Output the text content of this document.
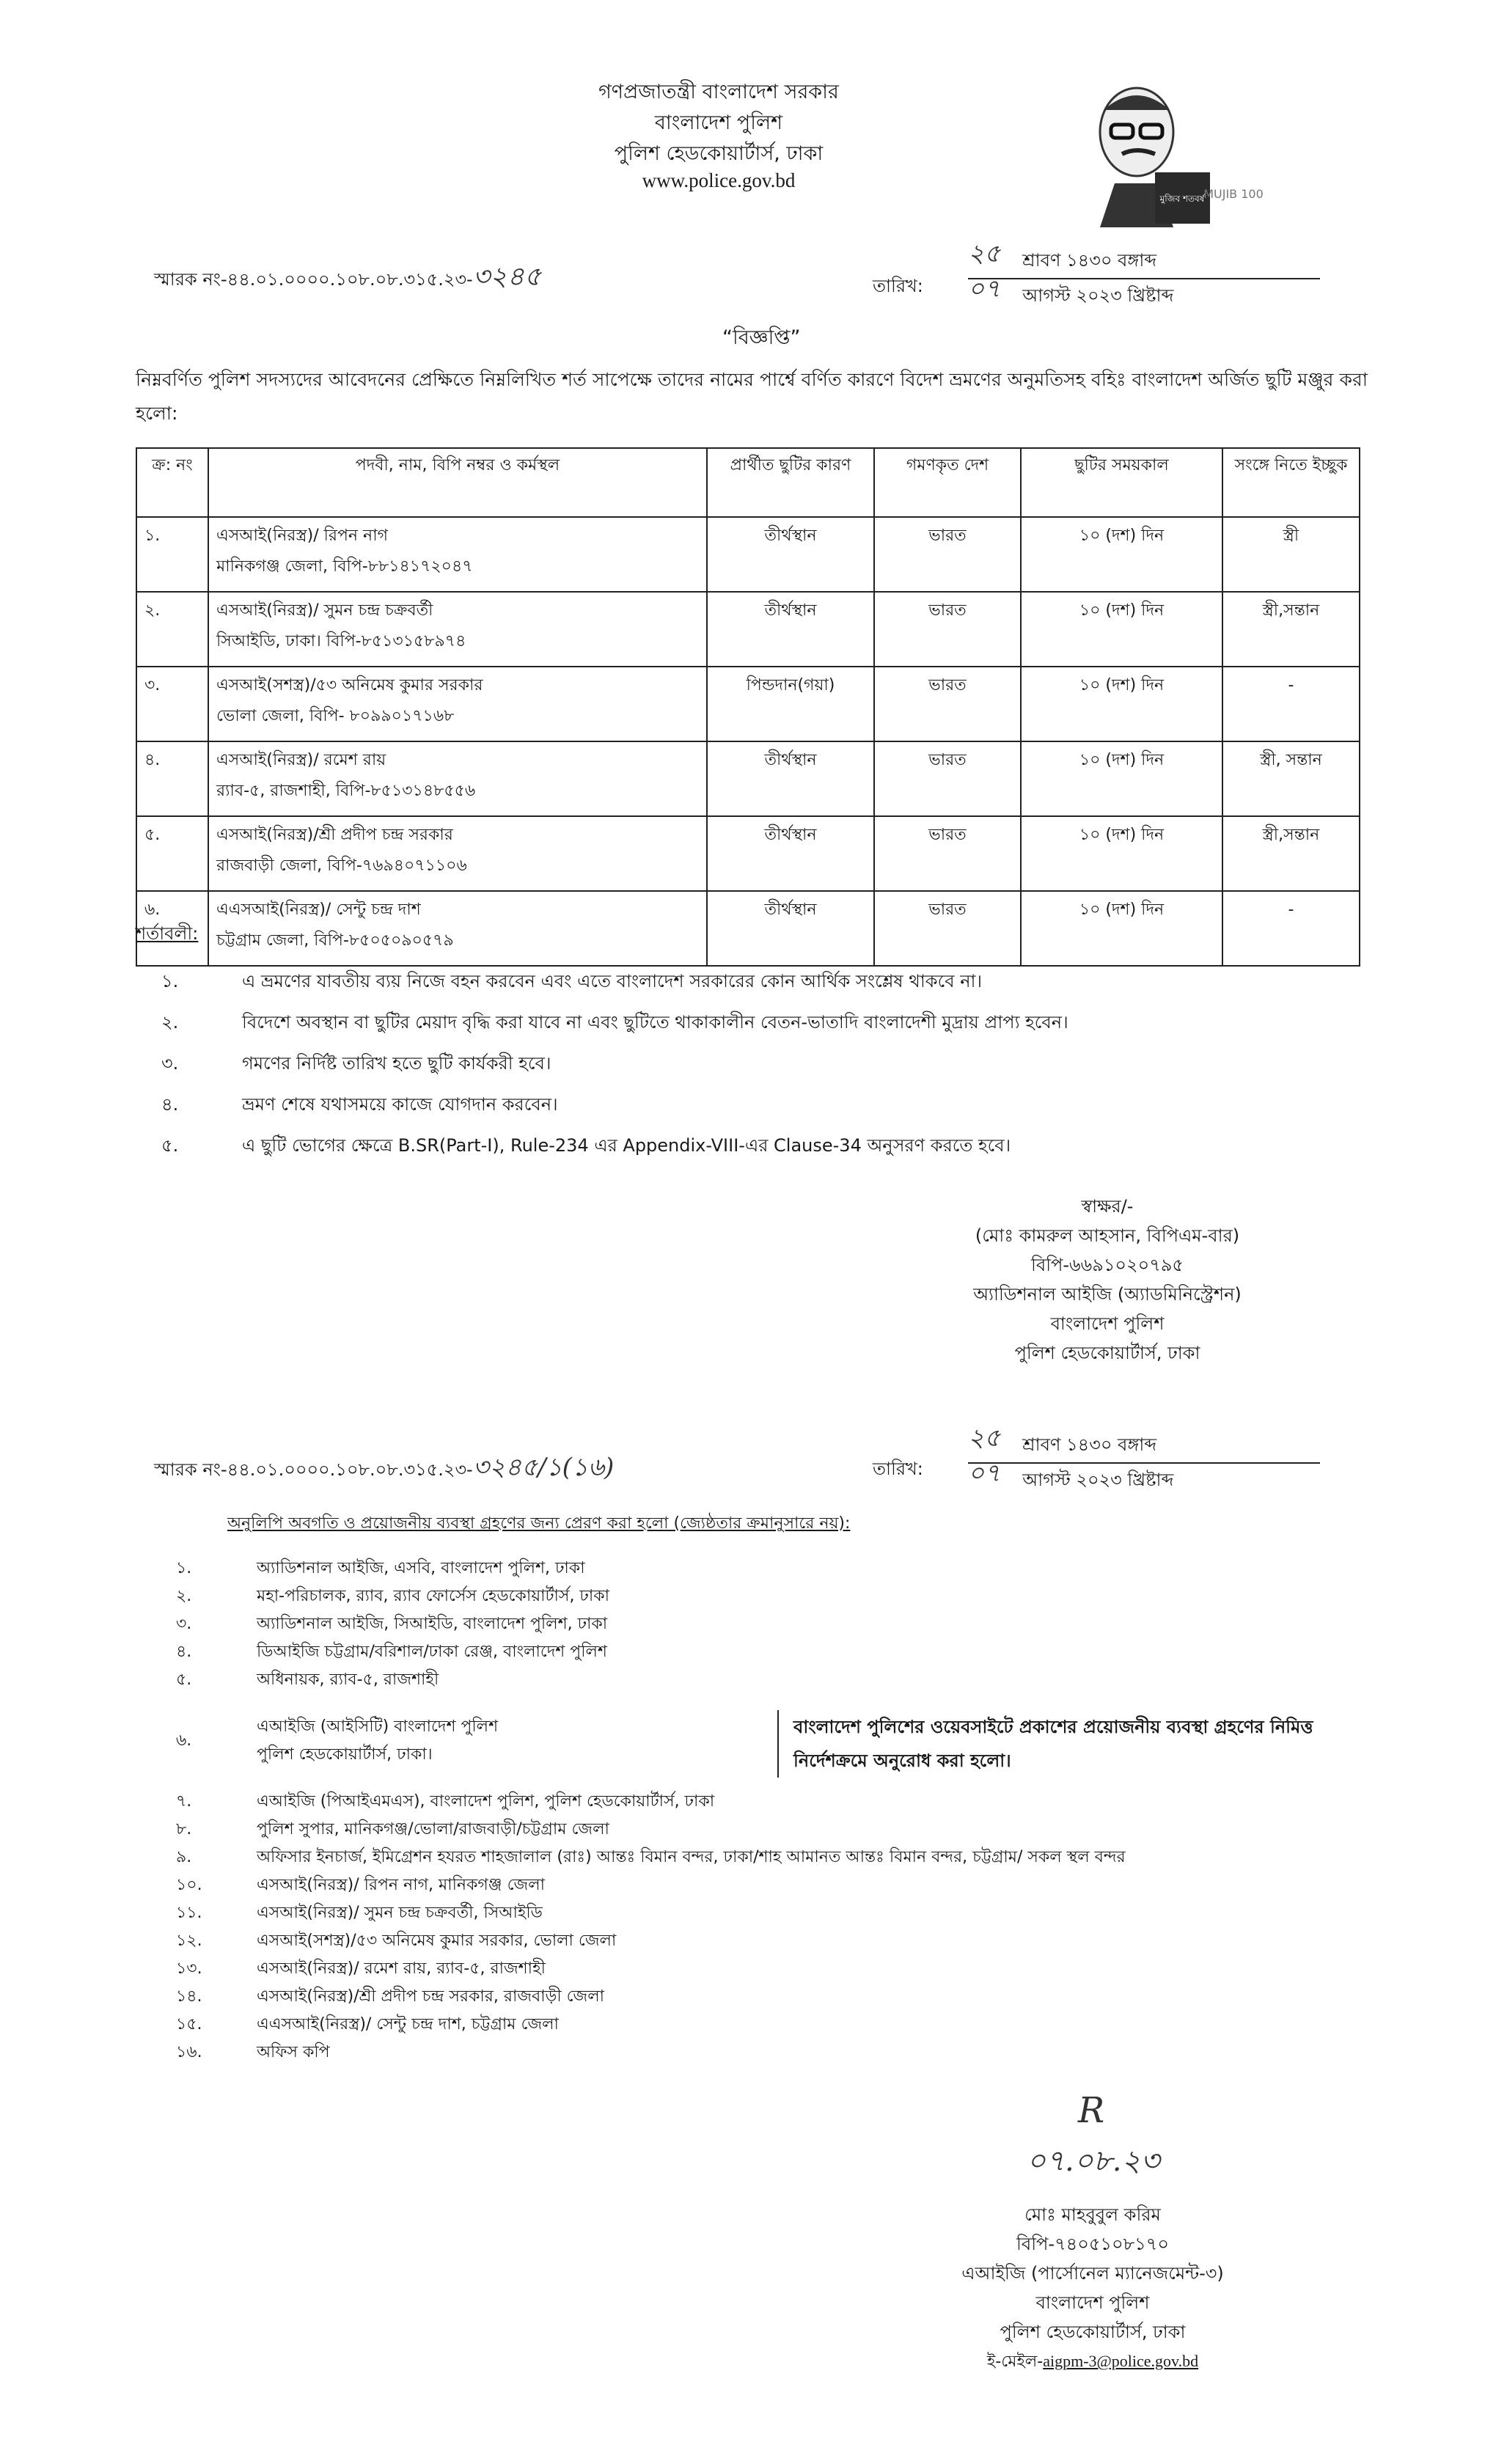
গণপ্রজাতন্ত্রী বাংলাদেশ সরকার
বাংলাদেশ পুলিশ
পুলিশ হেডকোয়ার্টার্স, ঢাকা
www.police.gov.bd
মুজিব শতবর্ষ
MUJIB 100
স্মারক নং-৪৪.০১.০০০০.১০৮.০৮.৩১৫.২৩-৩২৪৫	তারিখ:
২৫ শ্রাবণ ১৪৩০ বঙ্গাব্দ
০৭ আগস্ট ২০২৩ খ্রিষ্টাব্দ
“বিজ্ঞপ্তি”
নিম্নবর্ণিত পুলিশ সদস্যদের আবেদনের প্রেক্ষিতে নিম্নলিখিত শর্ত সাপেক্ষে তাদের নামের পার্শ্বে বর্ণিত কারণে বিদেশ ভ্রমণের অনুমতিসহ বহিঃ বাংলাদেশ অর্জিত ছুটি মঞ্জুর করা হলো:
ক্র: নং	পদবী, নাম, বিপি নম্বর ও কর্মস্থল	প্রার্থীত ছুটির কারণ	গমণকৃত দেশ	ছুটির সময়কাল	সংঙ্গে নিতে ইচ্ছুক
১.	এসআই(নিরস্ত্র)/ রিপন নাগ
মানিকগঞ্জ জেলা, বিপি-৮৮১৪১৭২০৪৭	তীর্থস্থান	ভারত	১০ (দশ) দিন	স্ত্রী
২.	এসআই(নিরস্ত্র)/ সুমন চন্দ্র চক্রবর্তী
সিআইডি, ঢাকা। বিপি-৮৫১৩১৫৮৯৭৪	তীর্থস্থান	ভারত	১০ (দশ) দিন	স্ত্রী,সন্তান
৩.	এসআই(সশস্ত্র)/৫৩ অনিমেষ কুমার সরকার
ভোলা জেলা, বিপি- ৮০৯৯০১৭১৬৮	পিন্ডদান(গয়া)	ভারত	১০ (দশ) দিন	-
৪.	এসআই(নিরস্ত্র)/ রমেশ রায়
র‍্যাব-৫, রাজশাহী, বিপি-৮৫১৩১৪৮৫৫৬	তীর্থস্থান	ভারত	১০ (দশ) দিন	স্ত্রী, সন্তান
৫.	এসআই(নিরস্ত্র)/শ্রী প্রদীপ চন্দ্র সরকার
রাজবাড়ী জেলা, বিপি-৭৬৯৪০৭১১০৬	তীর্থস্থান	ভারত	১০ (দশ) দিন	স্ত্রী,সন্তান
৬.	এএসআই(নিরস্ত্র)/ সেন্টু চন্দ্র দাশ
চট্টগ্রাম জেলা, বিপি-৮৫০৫০৯০৫৭৯	তীর্থস্থান	ভারত	১০ (দশ) দিন	-
শর্তাবলী:
১.	এ ভ্রমণের যাবতীয় ব্যয় নিজে বহন করবেন এবং এতে বাংলাদেশ সরকারের কোন আর্থিক সংশ্লেষ থাকবে না।
২.	বিদেশে অবস্থান বা ছুটির মেয়াদ বৃদ্ধি করা যাবে না এবং ছুটিতে থাকাকালীন বেতন-ভাতাদি বাংলাদেশী মুদ্রায় প্রাপ্য হবেন।
৩.	গমণের নির্দিষ্ট তারিখ হতে ছুটি কার্যকরী হবে।
৪.	ভ্রমণ শেষে যথাসময়ে কাজে যোগদান করবেন।
৫.	এ ছুটি ভোগের ক্ষেত্রে B.SR(Part-I), Rule-234 এর Appendix-VIII-এর Clause-34 অনুসরণ করতে হবে।
স্বাক্ষর/-
(মোঃ কামরুল আহসান, বিপিএম-বার)
বিপি-৬৬৯১০২০৭৯৫
অ্যাডিশনাল আইজি (অ্যাডমিনিস্ট্রেশন)
বাংলাদেশ পুলিশ
পুলিশ হেডকোয়ার্টার্স, ঢাকা
স্মারক নং-৪৪.০১.০০০০.১০৮.০৮.৩১৫.২৩-৩২৪৫/১(১৬)	তারিখ:
২৫ শ্রাবণ ১৪৩০ বঙ্গাব্দ
০৭ আগস্ট ২০২৩ খ্রিষ্টাব্দ
অনুলিপি অবগতি ও প্রয়োজনীয় ব্যবস্থা গ্রহণের জন্য প্রেরণ করা হলো (জ্যেষ্ঠতার ক্রমানুসারে নয়):
১.	অ্যাডিশনাল আইজি, এসবি, বাংলাদেশ পুলিশ, ঢাকা
২.	মহা-পরিচালক, র‍্যাব, র‍্যাব ফোর্সেস হেডকোয়ার্টার্স, ঢাকা
৩.	অ্যাডিশনাল আইজি, সিআইডি, বাংলাদেশ পুলিশ, ঢাকা
৪.	ডিআইজি চট্টগ্রাম/বরিশাল/ঢাকা রেঞ্জ, বাংলাদেশ পুলিশ
৫.	অধিনায়ক, র‍্যাব-৫, রাজশাহী
৬.
এআইজি (আইসিটি) বাংলাদেশ পুলিশ
পুলিশ হেডকোয়ার্টার্স, ঢাকা।
৭.	এআইজি (পিআইএমএস), বাংলাদেশ পুলিশ, পুলিশ হেডকোয়ার্টার্স, ঢাকা
৮.	পুলিশ সুপার, মানিকগঞ্জ/ভোলা/রাজবাড়ী/চট্টগ্রাম জেলা
৯.	অফিসার ইনচার্জ, ইমিগ্রেশন হযরত শাহজালাল (রাঃ) আন্তঃ বিমান বন্দর, ঢাকা/শাহ আমানত আন্তঃ বিমান বন্দর, চট্টগ্রাম/ সকল স্থল বন্দর
১০.	এসআই(নিরস্ত্র)/ রিপন নাগ, মানিকগঞ্জ জেলা
১১.	এসআই(নিরস্ত্র)/ সুমন চন্দ্র চক্রবর্তী, সিআইডি
১২.	এসআই(সশস্ত্র)/৫৩ অনিমেষ কুমার সরকার, ভোলা জেলা
১৩.	এসআই(নিরস্ত্র)/ রমেশ রায়, র‍্যাব-৫, রাজশাহী
১৪.	এসআই(নিরস্ত্র)/শ্রী প্রদীপ চন্দ্র সরকার, রাজবাড়ী জেলা
১৫.	এএসআই(নিরস্ত্র)/ সেন্টু চন্দ্র দাশ, চট্টগ্রাম জেলা
১৬.	অফিস কপি
বাংলাদেশ পুলিশের ওয়েবসাইটে প্রকাশের প্রয়োজনীয় ব্যবস্থা গ্রহণের নিমিত্ত নির্দেশক্রমে অনুরোধ করা হলো।
R
০৭.০৮.২৩
মোঃ মাহবুবুল করিম
বিপি-৭৪০৫১০৮১৭০
এআইজি (পার্সোনেল ম্যানেজমেন্ট-৩)
বাংলাদেশ পুলিশ
পুলিশ হেডকোয়ার্টার্স, ঢাকা
ই-মেইল-aigpm-3@police.gov.bd
